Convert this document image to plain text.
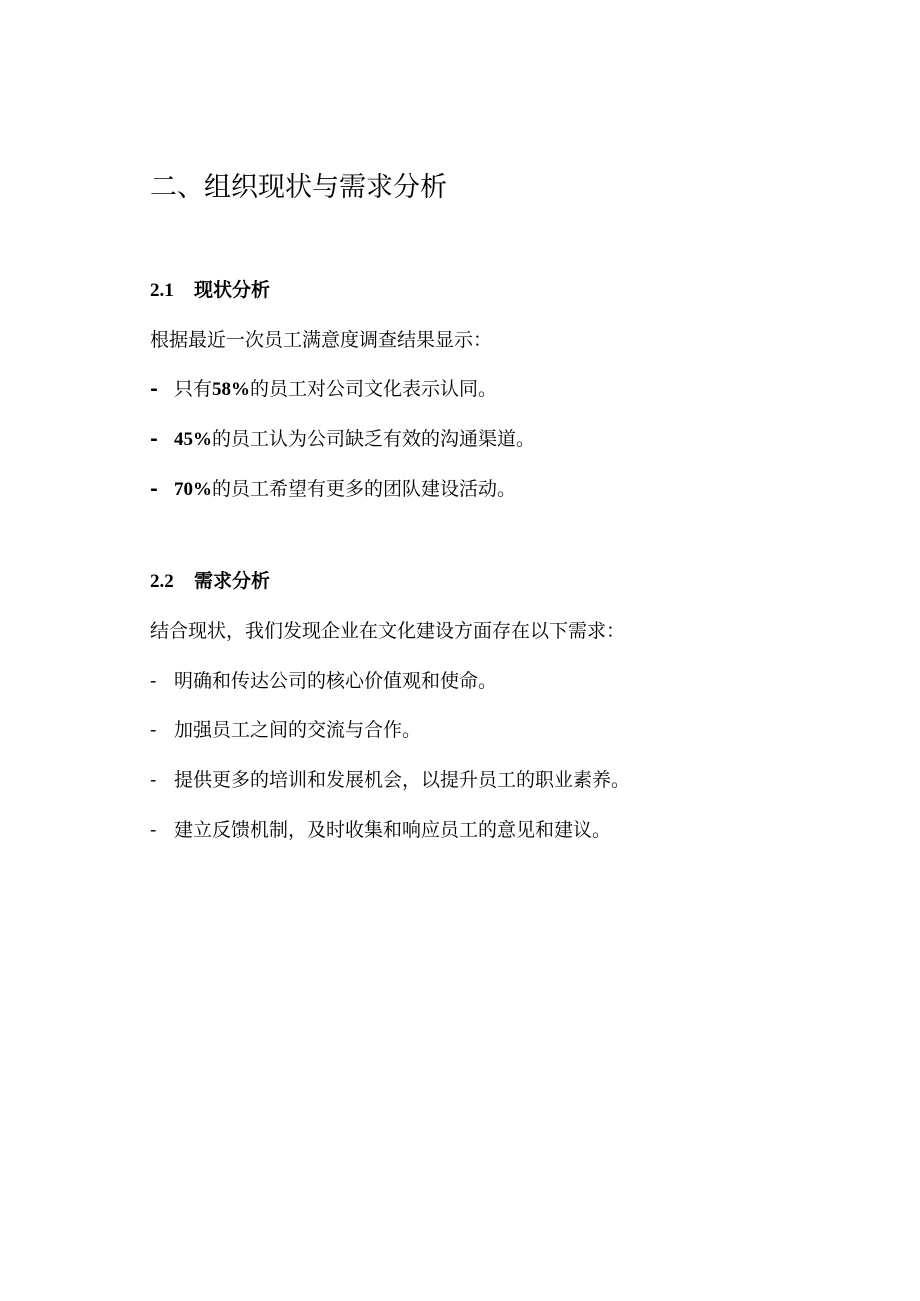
二、组织现状与需求分析
2.1 现状分析
根据最近一次员工满意度调查结果显示：
- 只有58%的员工对公司文化表示认同。
- 45%的员工认为公司缺乏有效的沟通渠道。
- 70%的员工希望有更多的团队建设活动。
2.2 需求分析
结合现状，我们发现企业在文化建设方面存在以下需求：
- 明确和传达公司的核心价值观和使命。
- 加强员工之间的交流与合作。
- 提供更多的培训和发展机会，以提升员工的职业素养。
- 建立反馈机制，及时收集和响应员工的意见和建议。
